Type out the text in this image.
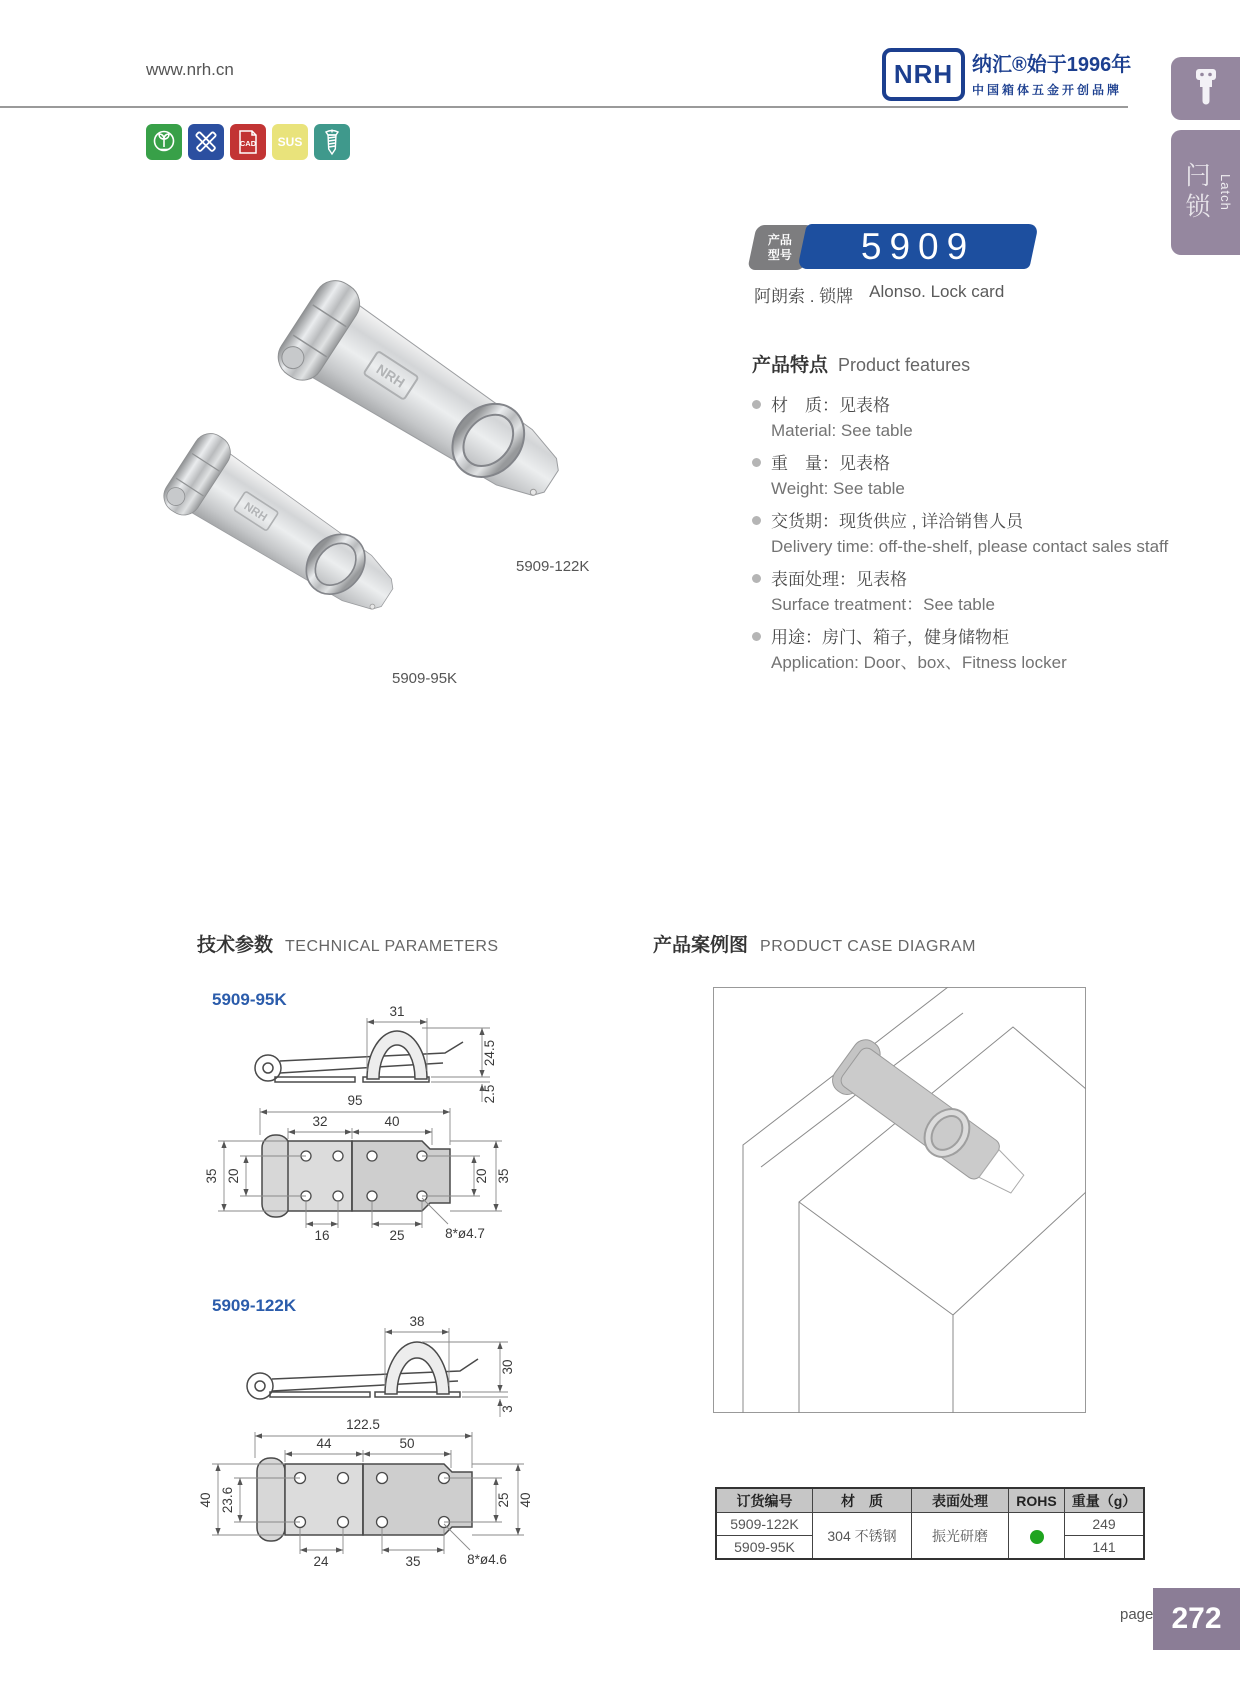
www.nrh.cn	NRH 纳汇®始于1996年
中国箱体五金开创品牌
CAD SUS
闩锁 Latch
产品
型号 5909
阿朗索 . 锁牌 Alonso. Lock card
产品特点 Product features
材　质：见表格
Material: See table
重　量：见表格
Weight: See table
交货期：现货供应 , 详洽销售人员
Delivery time: off-the-shelf, please contact sales staff
表面处理：见表格
Surface treatment：See table
用途：房门、箱子，健身储物柜
Application: Door、box、Fitness locker
5909-122K
5909-95K
技术参数 TECHNICAL PARAMETERS	产品案例图 PRODUCT CASE DIAGRAM
5909-95K
31
24.5
2.5
95
32	40
35 20	20 35
16	25	8*ø4.7
5909-122K
38
30
3
122.5
44	50
40 23.6	25 40
24	35	8*ø4.6
订货编号	材　质	表面处理	ROHS	重量（g）
5909-122K	304 不锈钢	振光研磨		249
5909-95K				141
page 272
